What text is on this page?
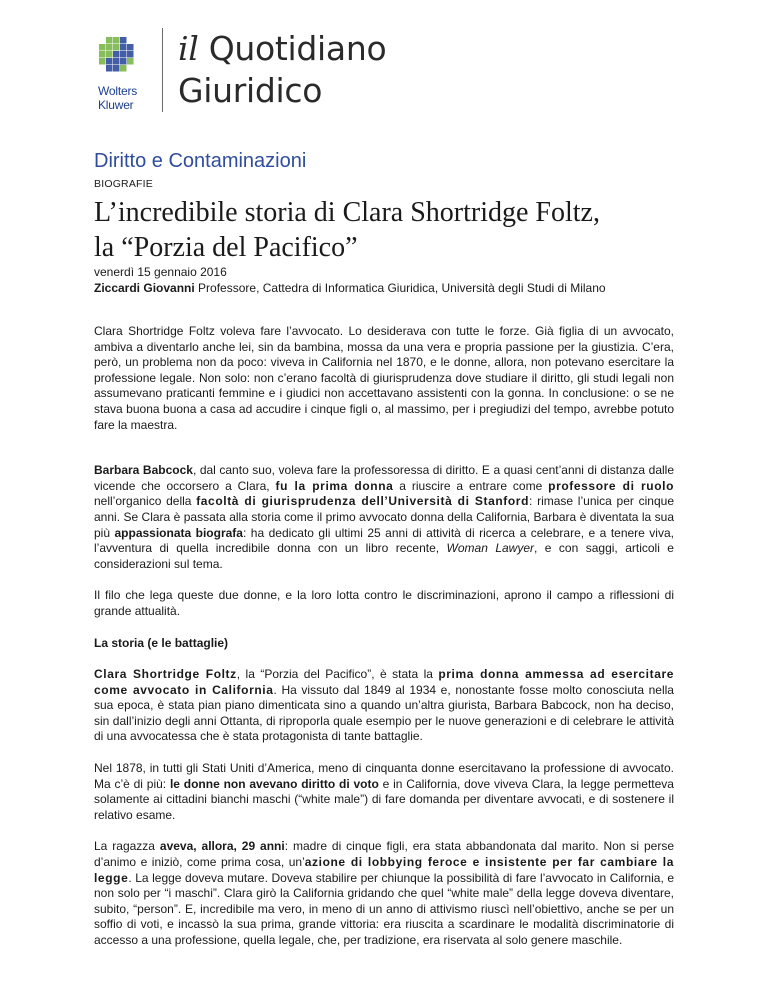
Wolters
Kluwer
il Quotidiano
Giuridico
Diritto e Contaminazioni
BIOGRAFIE
L’incredibile storia di Clara Shortridge Foltz,
la “Porzia del Pacifico”
venerdì 15 gennaio 2016
Ziccardi Giovanni Professore, Cattedra di Informatica Giuridica, Università degli Studi di Milano

Clara Shortridge Foltz voleva fare l’avvocato. Lo desiderava con tutte le forze. Già figlia di un avvocato, ambiva a diventarlo anche lei, sin da bambina, mossa da una vera e propria passione per la giustizia. C’era, però, un problema non da poco: viveva in California nel 1870, e le donne, allora, non potevano esercitare la professione legale. Non solo: non c’erano facoltà di giurisprudenza dove studiare il diritto, gli studi legali non assumevano praticanti femmine e i giudici non accettavano assistenti con la gonna. In conclusione: o se ne stava buona buona a casa ad accudire i cinque figli o, al massimo, per i pregiudizi del tempo, avrebbe potuto fare la maestra.

Barbara Babcock, dal canto suo, voleva fare la professoressa di diritto. E a quasi cent’anni di distanza dalle vicende che occorsero a Clara, fu la prima donna a riuscire a entrare come professore di ruolo nell’organico della facoltà di giurisprudenza dell’Università di Stanford: rimase l’unica per cinque anni. Se Clara è passata alla storia come il primo avvocato donna della California, Barbara è diventata la sua più appassionata biografa: ha dedicato gli ultimi 25 anni di attività di ricerca a celebrare, e a tenere viva, l’avventura di quella incredibile donna con un libro recente, Woman Lawyer, e con saggi, articoli e considerazioni sul tema.

Il filo che lega queste due donne, e la loro lotta contro le discriminazioni, aprono il campo a riflessioni di grande attualità.

La storia (e le battaglie)

Clara Shortridge Foltz, la “Porzia del Pacifico”, è stata la prima donna ammessa ad esercitare come avvocato in California. Ha vissuto dal 1849 al 1934 e, nonostante fosse molto conosciuta nella sua epoca, è stata pian piano dimenticata sino a quando un’altra giurista, Barbara Babcock, non ha deciso, sin dall’inizio degli anni Ottanta, di riproporla quale esempio per le nuove generazioni e di celebrare le attività di una avvocatessa che è stata protagonista di tante battaglie.

Nel 1878, in tutti gli Stati Uniti d’America, meno di cinquanta donne esercitavano la professione di avvocato. Ma c’è di più: le donne non avevano diritto di voto e in California, dove viveva Clara, la legge permetteva solamente ai cittadini bianchi maschi (“white male”) di fare domanda per diventare avvocati, e di sostenere il relativo esame.

La ragazza aveva, allora, 29 anni: madre di cinque figli, era stata abbandonata dal marito. Non si perse d’animo e iniziò, come prima cosa, un’azione di lobbying feroce e insistente per far cambiare la legge. La legge doveva mutare. Doveva stabilire per chiunque la possibilità di fare l’avvocato in California, e non solo per “i maschi”. Clara girò la California gridando che quel “white male” della legge doveva diventare, subito, “person”. E, incredibile ma vero, in meno di un anno di attivismo riuscì nell’obiettivo, anche se per un soffio di voti, e incassò la sua prima, grande vittoria: era riuscita a scardinare le modalità discriminatorie di accesso a una professione, quella legale, che, per tradizione, era riservata al solo genere maschile.
